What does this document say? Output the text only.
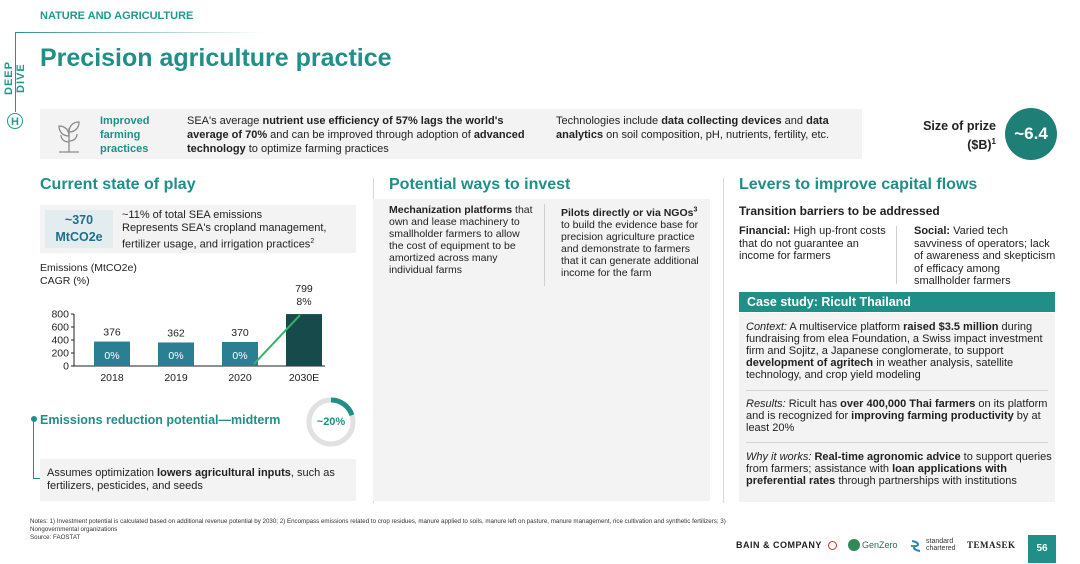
DEEP DIVE
H
NATURE AND AGRICULTURE
Precision agriculture practice
Improved farming practices
SEA's average nutrient use efficiency of 57% lags the world's average of 70% and can be improved through adoption of advanced technology to optimize farming practices
Technologies include data collecting devices and data analytics on soil composition, pH, nutrients, fertility, etc.
Size of prize
($B)$^1$	~6.4
Current state of play	Potential ways to invest	Levers to improve capital flows
~370 MtCO2e
~11% of total SEA emissions
Represents SEA's cropland management, fertilizer usage, and irrigation practices$^2$
Emissions (MtCO2e)
CAGR (%)
0
200
400
600
800
376
0%
2018
362
0%
2019
370
0%
2020
799
8%
2030E
Emissions reduction potential—midterm	~20%
Assumes optimization lowers agricultural inputs, such as fertilizers, pesticides, and seeds
Mechanization platforms that own and lease machinery to smallholder farmers to allow the cost of equipment to be amortized across many individual farms
Pilots directly or via NGOs$^3$ to build the evidence base for precision agriculture practice and demonstrate to farmers that it can generate additional income for the farm
Transition barriers to be addressed
Financial: High up-front costs that do not guarantee an income for farmers
Social: Varied tech savviness of operators; lack of awareness and skepticism of efficacy among smallholder farmers
Case study: Ricult Thailand
Context: A multiservice platform raised $3.5 million during fundraising from elea Foundation, a Swiss impact investment firm and Sojitz, a Japanese conglomerate, to support development of agritech in weather analysis, satellite technology, and crop yield modeling
Results: Ricult has over 400,000 Thai farmers on its platform and is recognized for improving farming productivity by at least 20%
Why it works: Real-time agronomic advice to support queries from farmers; assistance with loan applications with preferential rates through partnerships with institutions
Notes: 1) Investment potential is calculated based on additional revenue potential by 2030; 2) Encompass emissions related to crop residues, manure applied to soils, manure left on pasture, manure management, rice cultivation and synthetic fertilizers; 3) Nongovernmental organizations
Source: FAOSTAT
BAIN & COMPANY	GenZero	standard chartered	TEMASEK	56
